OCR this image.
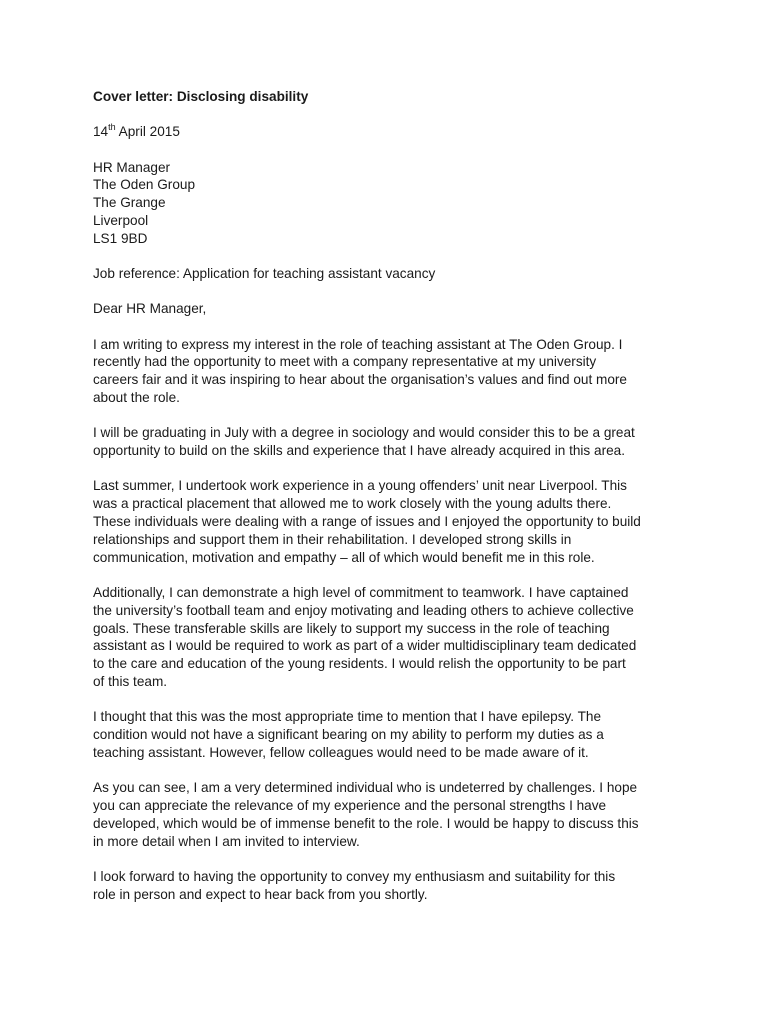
Cover letter: Disclosing disability

14th April 2015

HR Manager
The Oden Group
The Grange
Liverpool
LS1 9BD

Job reference: Application for teaching assistant vacancy

Dear HR Manager,

I am writing to express my interest in the role of teaching assistant at The Oden Group. I
recently had the opportunity to meet with a company representative at my university
careers fair and it was inspiring to hear about the organisation’s values and find out more
about the role.
I will be graduating in July with a degree in sociology and would consider this to be a great
opportunity to build on the skills and experience that I have already acquired in this area.
Last summer, I undertook work experience in a young offenders’ unit near Liverpool. This
was a practical placement that allowed me to work closely with the young adults there.
These individuals were dealing with a range of issues and I enjoyed the opportunity to build
relationships and support them in their rehabilitation. I developed strong skills in
communication, motivation and empathy – all of which would benefit me in this role.
Additionally, I can demonstrate a high level of commitment to teamwork. I have captained
the university’s football team and enjoy motivating and leading others to achieve collective
goals. These transferable skills are likely to support my success in the role of teaching
assistant as I would be required to work as part of a wider multidisciplinary team dedicated
to the care and education of the young residents. I would relish the opportunity to be part
of this team.
I thought that this was the most appropriate time to mention that I have epilepsy. The
condition would not have a significant bearing on my ability to perform my duties as a
teaching assistant. However, fellow colleagues would need to be made aware of it.
As you can see, I am a very determined individual who is undeterred by challenges. I hope
you can appreciate the relevance of my experience and the personal strengths I have
developed, which would be of immense benefit to the role. I would be happy to discuss this
in more detail when I am invited to interview.
I look forward to having the opportunity to convey my enthusiasm and suitability for this
role in person and expect to hear back from you shortly.
